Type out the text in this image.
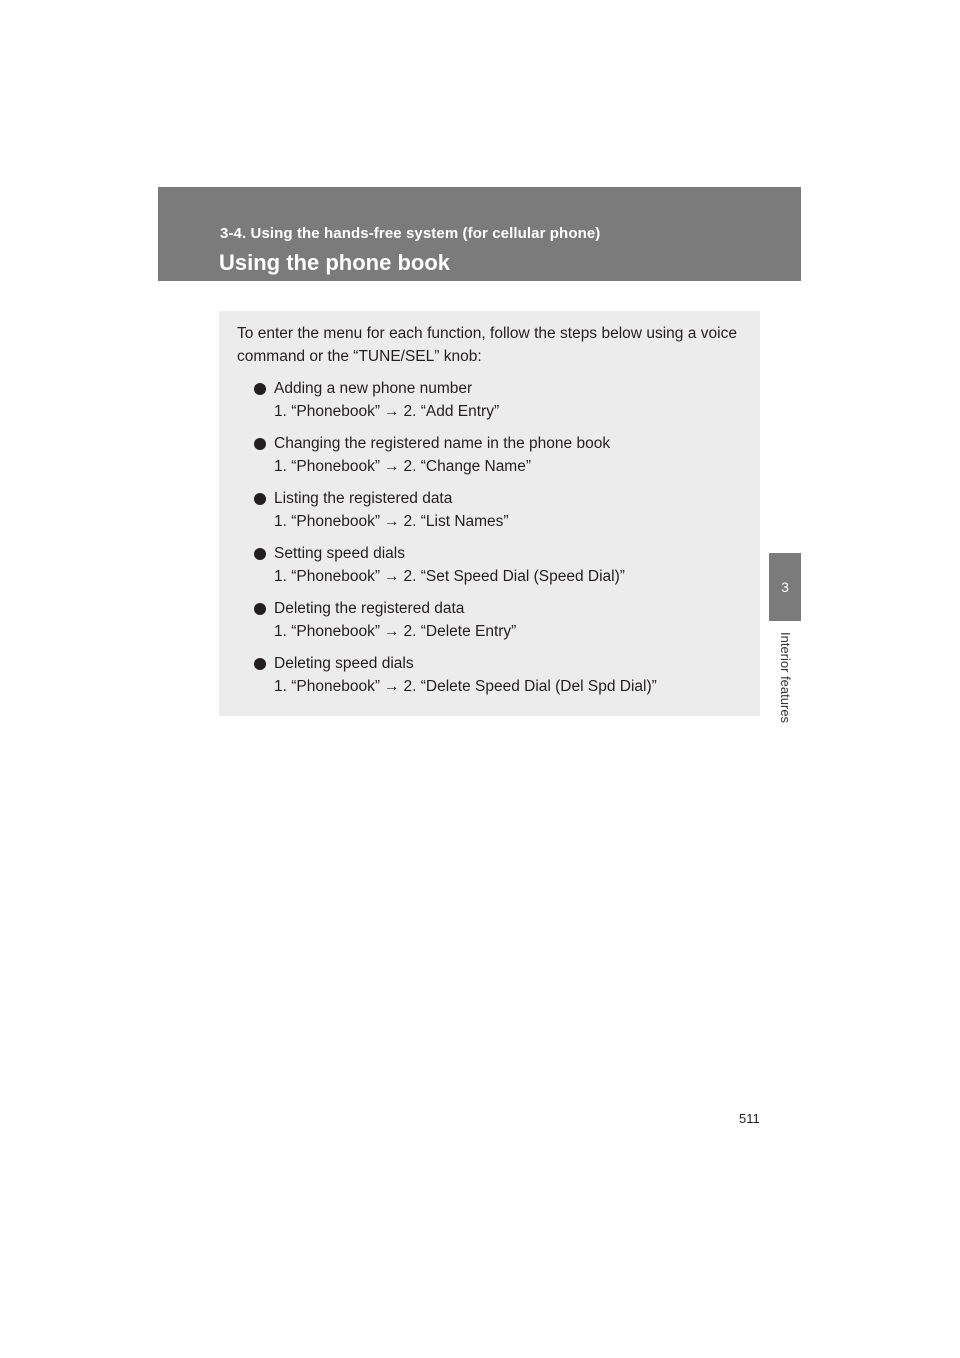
3-4. Using the hands-free system (for cellular phone)
Using the phone book
3
Interior features

To enter the menu for each function, follow the steps below using a voice command or the “TUNE/SEL” knob:

Adding a new phone number
1. “Phonebook” → 2. “Add Entry”
Changing the registered name in the phone book
1. “Phonebook” → 2. “Change Name”
Listing the registered data
1. “Phonebook” → 2. “List Names”
Setting speed dials
1. “Phonebook” → 2. “Set Speed Dial (Speed Dial)”
Deleting the registered data
1. “Phonebook” → 2. “Delete Entry”
Deleting speed dials
1. “Phonebook” → 2. “Delete Speed Dial (Del Spd Dial)”
511
